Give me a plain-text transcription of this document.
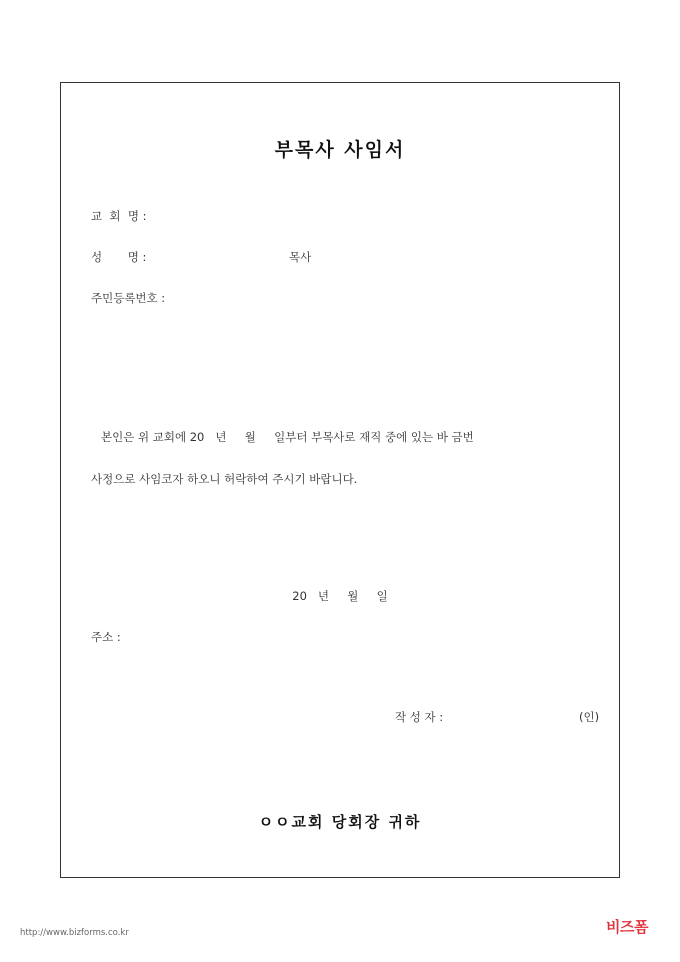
부목사 사임서
교  회  명 :
성       명 :	목사
주민등록번호 :
본인은 위 교회에 20   년     월     일부터 부목사로 재직 중에 있는 바 금번
사정으로 사임코자 하오니 허락하여 주시기 바랍니다.
20   년     월     일
주소 :
작 성 자 :	(인)
ㅇㅇ교회 당회장 귀하
http://www.bizforms.co.kr	비즈폼
